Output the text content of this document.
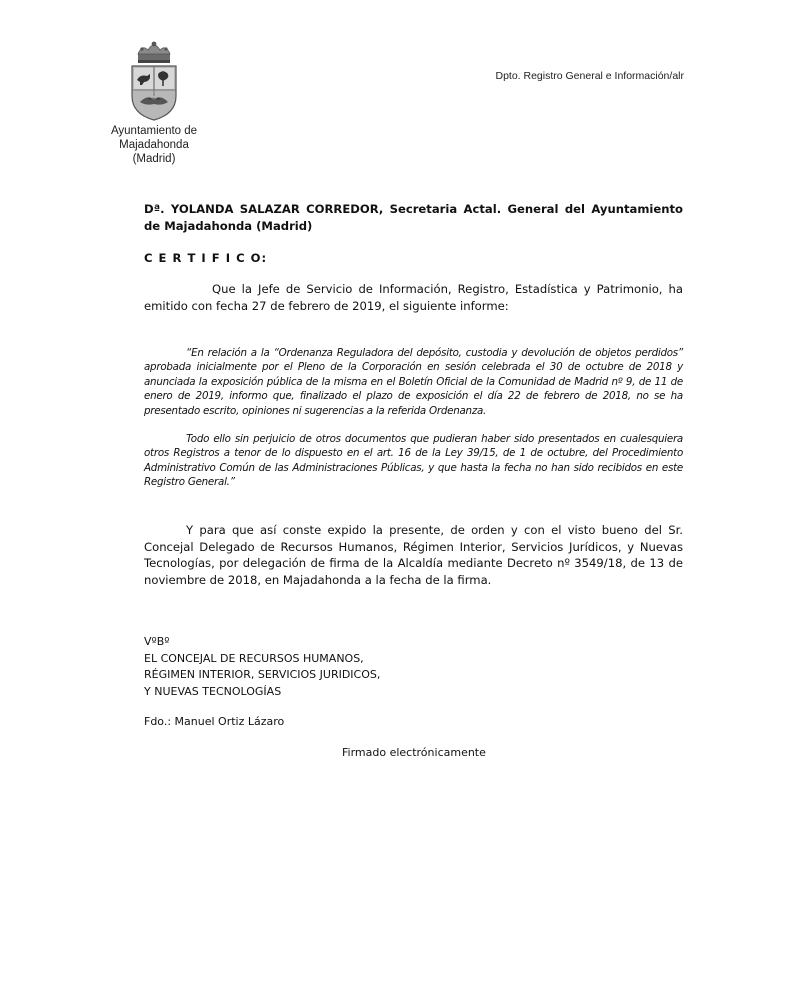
≈≈≈
Ayuntamiento de
Majadahonda
(Madrid)
Dpto. Registro General e Información/alr
Dª. YOLANDA SALAZAR CORREDOR, Secretaria Actal. General del Ayuntamiento de Majadahonda (Madrid)
C E R T I F I C O:
Que la Jefe de Servicio de Información, Registro, Estadística y Patrimonio, ha emitido con fecha 27 de febrero de 2019, el siguiente informe:
“En relación a la “Ordenanza Reguladora del depósito, custodia y devolución de objetos perdidos” aprobada inicialmente por el Pleno de la Corporación en sesión celebrada el 30 de octubre de 2018 y anunciada la exposición pública de la misma en el Boletín Oficial de la Comunidad de Madrid nº 9, de 11 de enero de 2019, informo que, finalizado el plazo de exposición el día 22 de febrero de 2018, no se ha presentado escrito, opiniones ni sugerencias a la referida Ordenanza.
Todo ello sin perjuicio de otros documentos que pudieran haber sido presentados en cualesquiera otros Registros a tenor de lo dispuesto en el art. 16 de la Ley 39/15, de 1 de octubre, del Procedimiento Administrativo Común de las Administraciones Públicas, y que hasta la fecha no han sido recibidos en este Registro General.”
Y para que así conste expido la presente, de orden y con el visto bueno del Sr. Concejal Delegado de Recursos Humanos, Régimen Interior, Servicios Jurídicos, y Nuevas Tecnologías, por delegación de firma de la Alcaldía mediante Decreto nº 3549/18, de 13 de noviembre de 2018, en Majadahonda a la fecha de la firma.
VºBº
EL CONCEJAL DE RECURSOS HUMANOS,
RÉGIMEN INTERIOR, SERVICIOS JURIDICOS,
Y NUEVAS TECNOLOGÍAS
Fdo.: Manuel Ortiz Lázaro
Firmado electrónicamente
